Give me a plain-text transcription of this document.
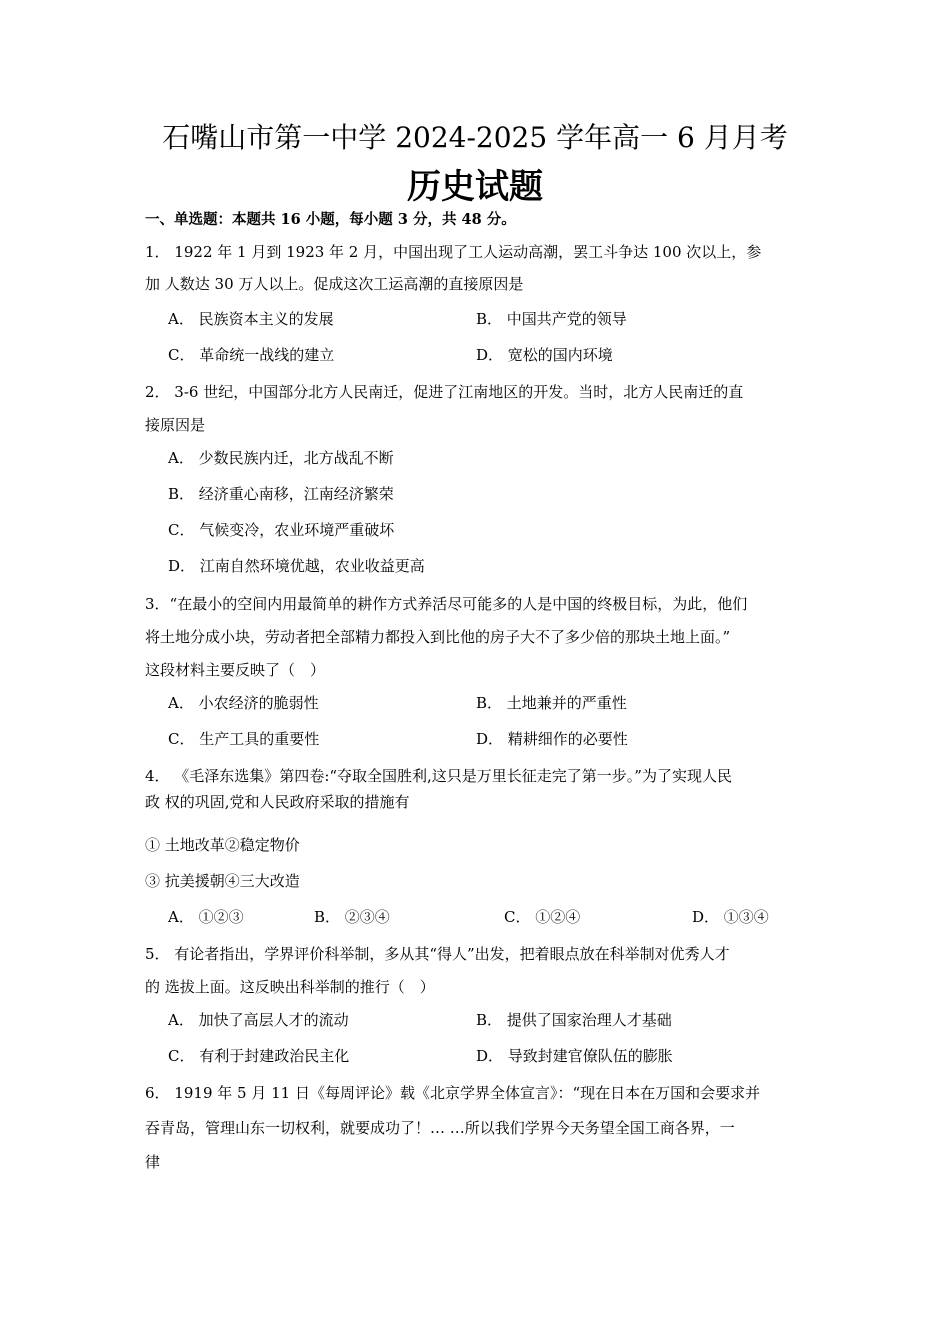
石嘴山市第一中学 2024-2025 学年高一 6 月月考
历史试题
一、单选题：本题共 16 小题，每小题 3 分，共 48 分。
1． 1922 年 1 月到 1923 年 2 月，中国出现了工人运动高潮，罢工斗争达 100 次以上，参
加 人数达 30 万人以上。促成这次工运高潮的直接原因是
A． 民族资本主义的发展	B． 中国共产党的领导
C． 革命统一战线的建立	D． 宽松的国内环境
2． 3-6 世纪，中国部分北方人民南迁，促进了江南地区的开发。当时，北方人民南迁的直
接原因是
A． 少数民族内迁，北方战乱不断
B． 经济重心南移，江南经济繁荣
C． 气候变冷，农业环境严重破坏
D． 江南自然环境优越，农业收益更高
3．“在最小的空间内用最简单的耕作方式养活尽可能多的人是中国的终极目标，为此，他们
将土地分成小块，劳动者把全部精力都投入到比他的房子大不了多少倍的那块土地上面。”
这段材料主要反映了（　）
A． 小农经济的脆弱性	B． 土地兼并的严重性
C． 生产工具的重要性	D． 精耕细作的必要性
4． 《毛泽东选集》第四卷:“夺取全国胜利,这只是万里长征走完了第一步。”为了实现人民
政 权的巩固,党和人民政府采取的措施有
① 土地改革②稳定物价
③ 抗美援朝④三大改造
A． ①②③	B． ②③④	C． ①②④	D． ①③④
5． 有论者指出，学界评价科举制，多从其“得人”出发，把着眼点放在科举制对优秀人才
的 选拔上面。这反映出科举制的推行（　）
A． 加快了高层人才的流动	B． 提供了国家治理人才基础
C． 有利于封建政治民主化	D． 导致封建官僚队伍的膨胀
6． 1919 年 5 月 11 日《每周评论》载《北京学界全体宣言》：“现在日本在万国和会要求并
吞青岛，管理山东一切权利，就要成功了！… …所以我们学界今天务望全国工商各界，一
律
